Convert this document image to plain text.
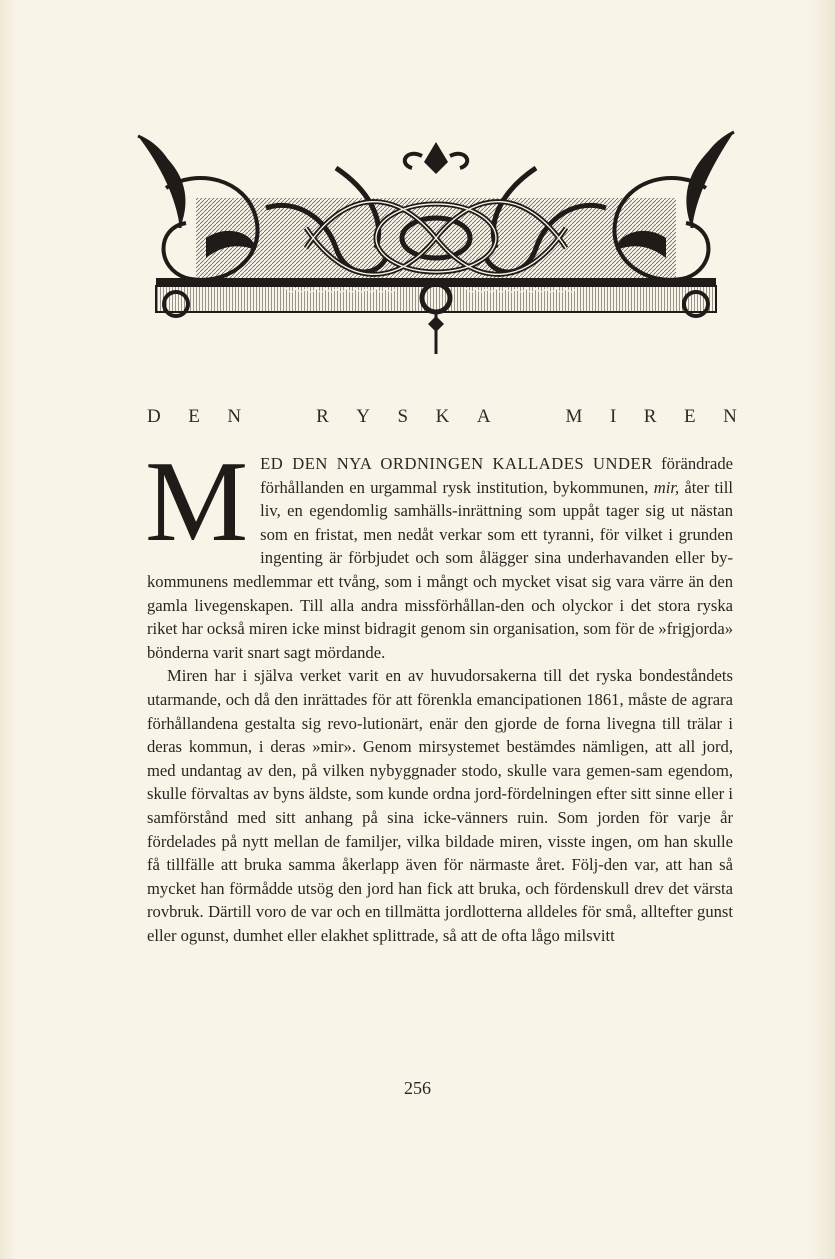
D E N	R Y S K A	M I R E N

M ED DEN NYA ORDNINGEN KALLADES UNDER förändrade förhållanden en urgammal rysk institution, bykommunen, mir, åter till liv, en egendomlig samhälls-inrättning som uppåt tager sig ut nästan som en fristat, men nedåt verkar som ett tyranni, för vilket i grunden ingenting är förbjudet och som ålägger sina underhavanden eller by-kommunens medlemmar ett tvång, som i mångt och mycket visat sig vara värre än den gamla livegenskapen. Till alla andra missförhållan-den och olyckor i det stora ryska riket har också miren icke minst bidragit genom sin organisation, som för de »frigjorda» bönderna varit snart sagt mördande.

Miren har i själva verket varit en av huvudorsakerna till det ryska bondeståndets utarmande, och då den inrättades för att förenkla emancipationen 1861, måste de agrara förhållandena gestalta sig revo-lutionärt, enär den gjorde de forna livegna till trälar i deras kommun, i deras »mir». Genom mirsystemet bestämdes nämligen, att all jord, med undantag av den, på vilken nybyggnader stodo, skulle vara gemen-sam egendom, skulle förvaltas av byns äldste, som kunde ordna jord-fördelningen efter sitt sinne eller i samförstånd med sitt anhang på sina icke-vänners ruin. Som jorden för varje år fördelades på nytt mellan de familjer, vilka bildade miren, visste ingen, om han skulle få tillfälle att bruka samma åkerlapp även för närmaste året. Följ-den var, att han så mycket han förmådde utsög den jord han fick att bruka, och fördenskull drev det värsta rovbruk. Därtill voro de var och en tillmätta jordlotterna alldeles för små, alltefter gunst eller ogunst, dumhet eller elakhet splittrade, så att de ofta lågo milsvitt

256
